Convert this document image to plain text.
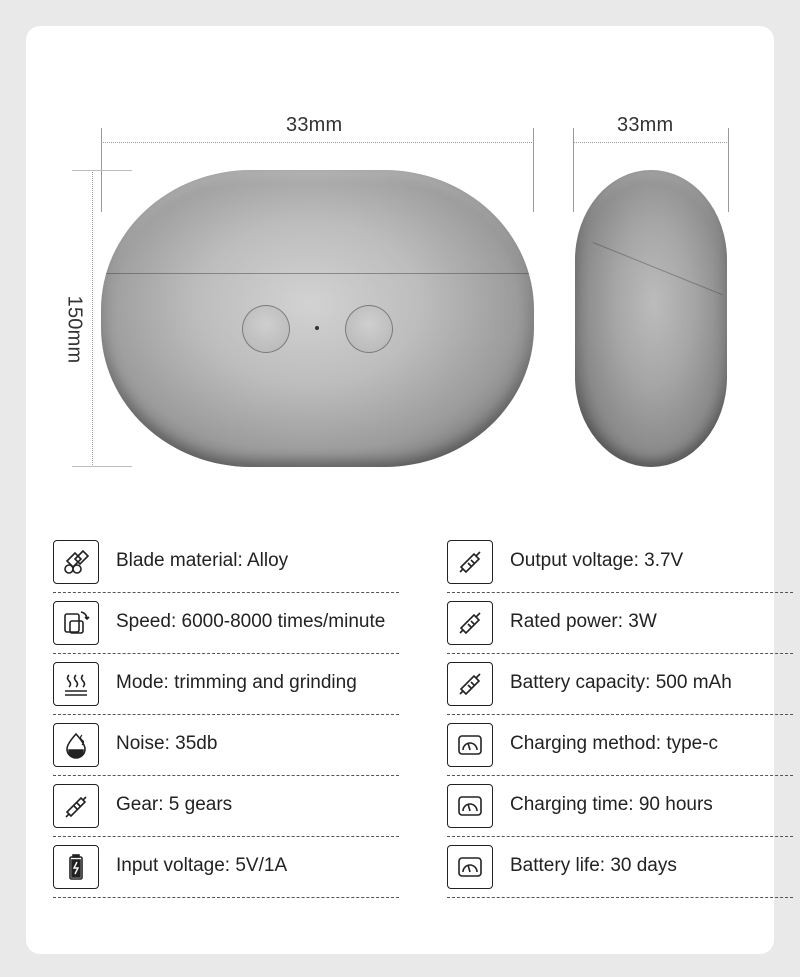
33mm	33mm
150mm
Blade material: Alloy
Speed: 6000-8000 times/minute
Mode: trimming and grinding
Noise: 35db
Gear: 5 gears
Input voltage: 5V/1A
Output voltage: 3.7V
Rated power: 3W
Battery capacity: 500 mAh
Charging method: type-c
Charging time: 90 hours
Battery life: 30 days
